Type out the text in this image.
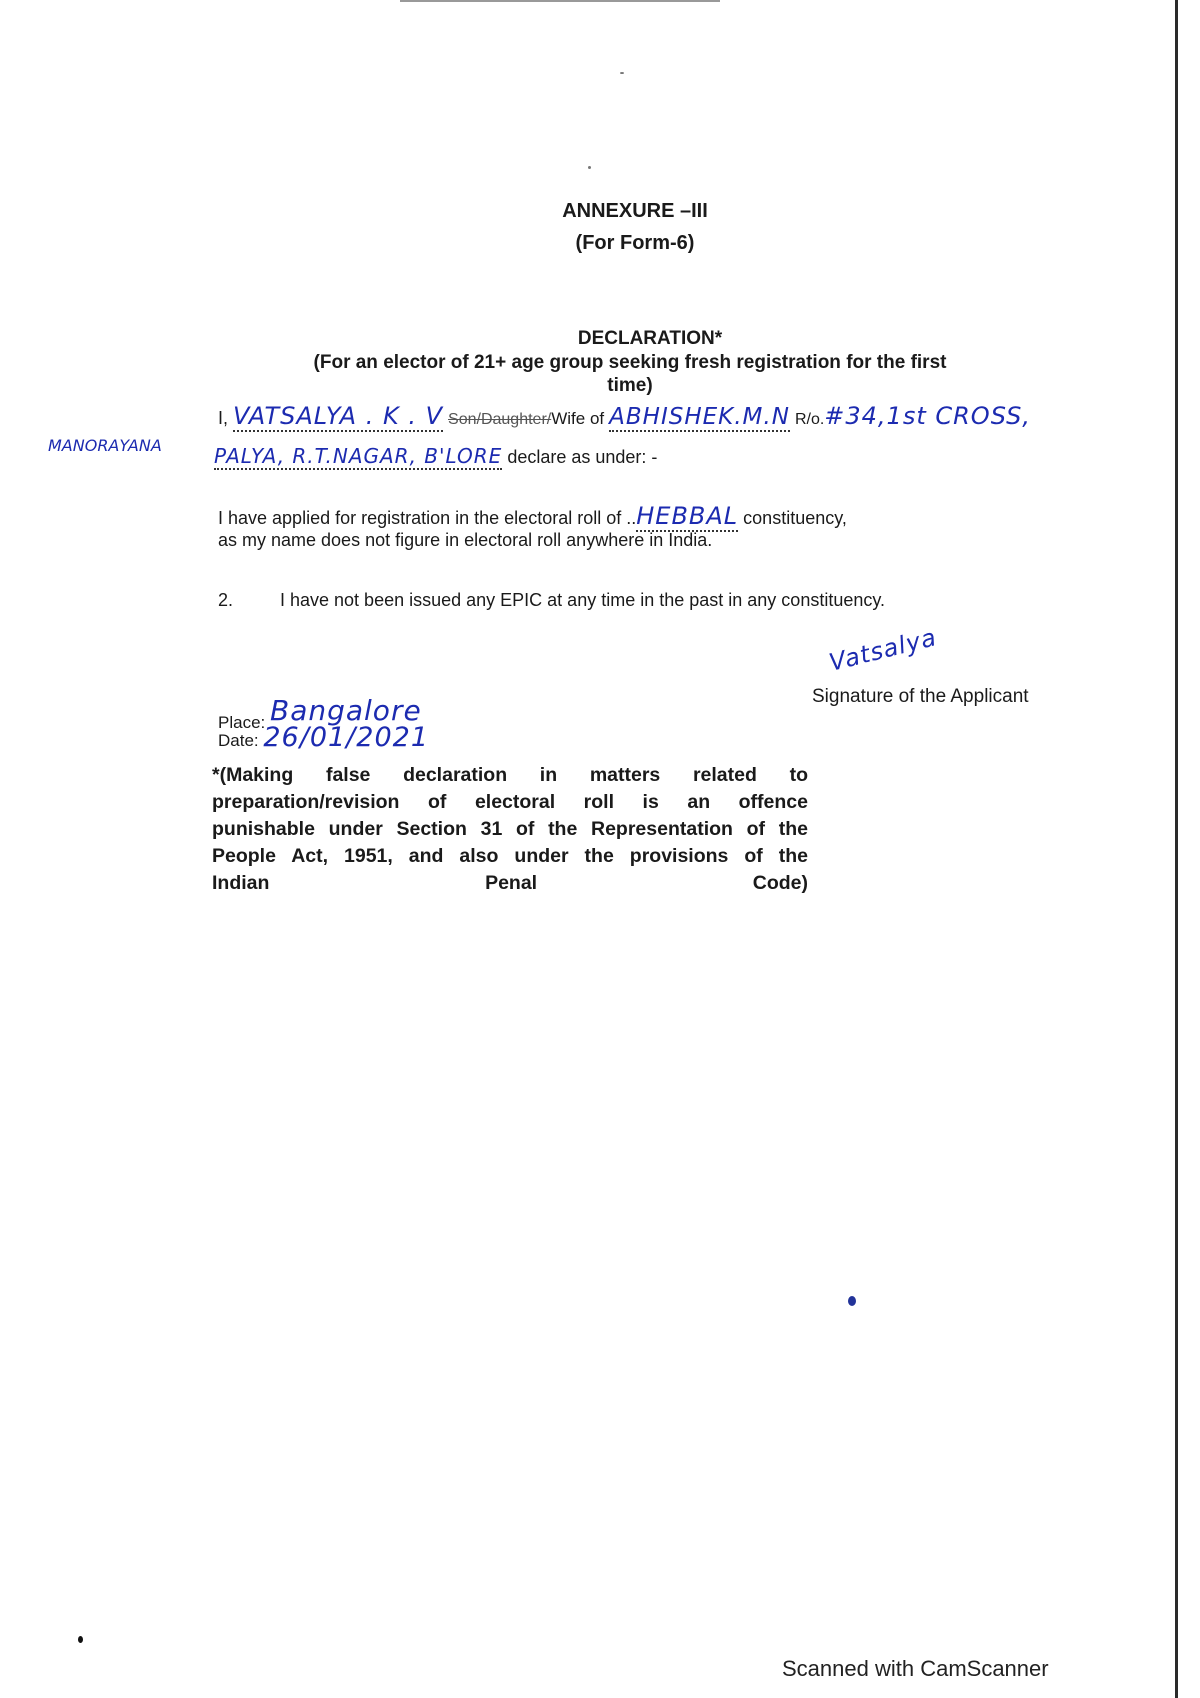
ANNEXURE –III
(For Form-6)
DECLARATION*
(For an elector of 21+ age group seeking fresh registration for the first
time)
I, VATSALYA . K . V Son/Daughter/Wife of ABHISHEK.M.N R/o.#34,1st CROSS,
MANORAYANA	PALYA, R.T.NAGAR, B'LORE declare as under: -
I have applied for registration in the electoral roll of ..HEBBAL constituency,
as my name does not figure in electoral roll anywhere in India.
2.	I have not been issued any EPIC at any time in the past in any constituency.
Vatsalya
Signature of the Applicant
Place: Bangalore
Date: 26/01/2021
*(Making false declaration in matters related to
preparation/revision of electoral roll is an offence
punishable under Section 31 of the Representation of the
People Act, 1951, and also under the provisions of the
Indian	Penal	Code)
Scanned with CamScanner
